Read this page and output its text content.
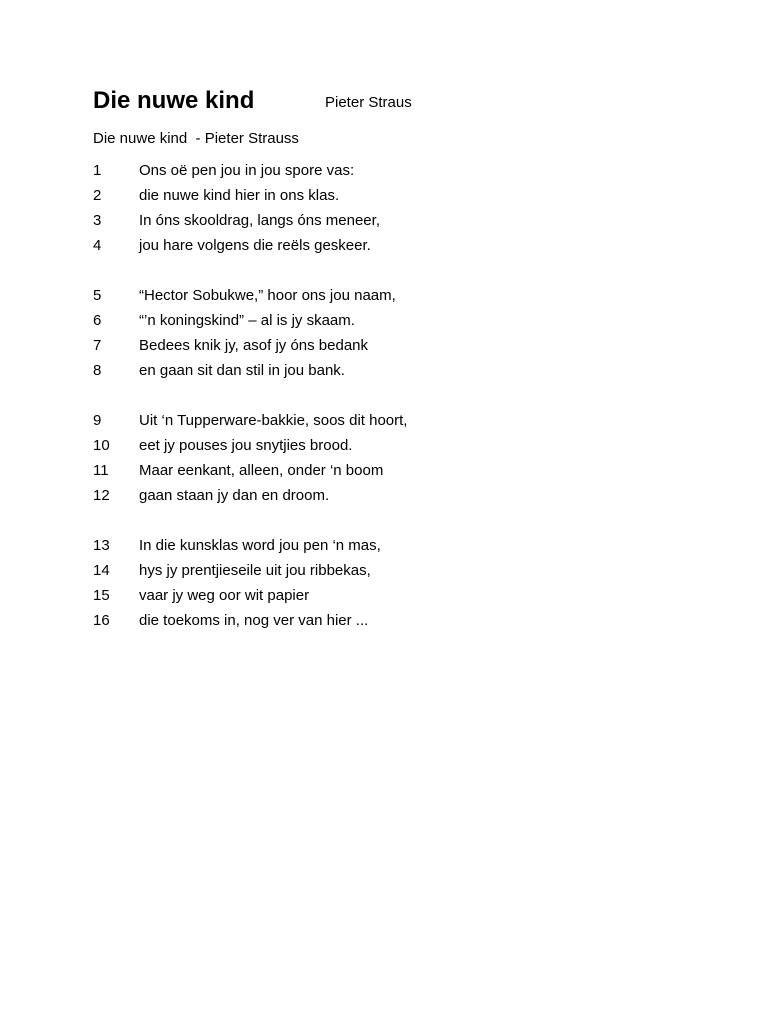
Die nuwe kind	Pieter Straus
Die nuwe kind  - Pieter Strauss
1	Ons oë pen jou in jou spore vas:
2	die nuwe kind hier in ons klas.
3	In óns skooldrag, langs óns meneer,
4	jou hare volgens die reëls geskeer.
5	“Hector Sobukwe,” hoor ons jou naam,
6	“’n koningskind” – al is jy skaam.
7	Bedees knik jy, asof jy óns bedank
8	en gaan sit dan stil in jou bank.
9	Uit ‘n Tupperware-bakkie, soos dit hoort,
10 eet jy pouses jou snytjies brood.
11 Maar eenkant, alleen, onder ‘n boom
12 gaan staan jy dan en droom.
13 In die kunsklas word jou pen ‘n mas,
14 hys jy prentjieseile uit jou ribbekas,
15 vaar jy weg oor wit papier
16 die toekoms in, nog ver van hier ...
